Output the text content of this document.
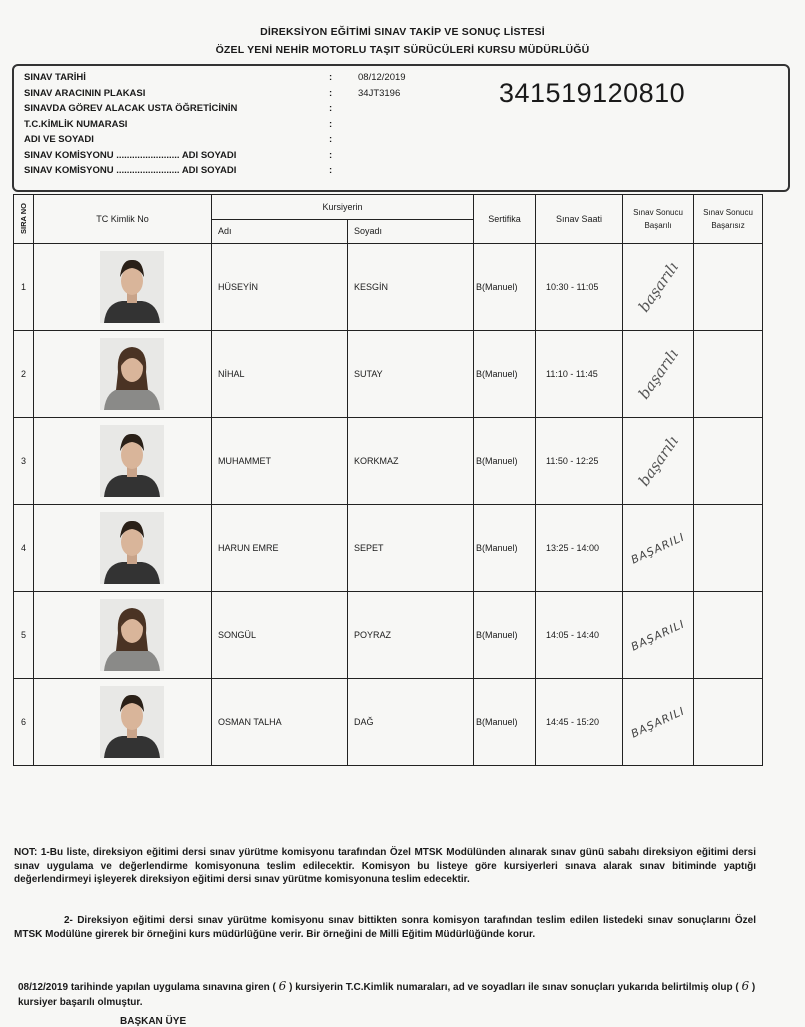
DİREKSİYON EĞİTİMİ SINAV TAKİP VE SONUÇ LİSTESİ
ÖZEL YENİ NEHİR MOTORLU TAŞIT SÜRÜCÜLERİ KURSU MÜDÜRLÜĞÜ
SINAV TARİHİ	:	08/12/2019
SINAV ARACININ PLAKASI	:	34JT3196
SINAVDA GÖREV ALACAK USTA ÖĞRETİCİNİN	:
T.C.KİMLİK NUMARASI	:
ADI VE SOYADI	:
SINAV KOMİSYONU ........................ ADI SOYADI	:
SINAV KOMİSYONU ........................ ADI SOYADI	:
341519120810
SIRA NO	TC Kimlik No	Kursiyerin		Sertifika	Sınav Saati	Sınav Sonucu Başarılı	Sınav Sonucu Başarısız
		Adı	Soyadı				
1		HÜSEYİN	KESGİN	B(Manuel)	10:30 - 11:05	başarılı	
2		NİHAL	SUTAY	B(Manuel)	11:10 - 11:45	başarılı	
3		MUHAMMET	KORKMAZ	B(Manuel)	11:50 - 12:25	başarılı	
4		HARUN EMRE	SEPET	B(Manuel)	13:25 - 14:00	BAŞARILI	
5		SONGÜL	POYRAZ	B(Manuel)	14:05 - 14:40	BAŞARILI	
6		OSMAN TALHA	DAĞ	B(Manuel)	14:45 - 15:20	BAŞARILI	
NOT: 1-Bu liste, direksiyon eğitimi dersi sınav yürütme komisyonu tarafından Özel MTSK Modülünden alınarak sınav günü sabahı direksiyon eğitimi dersi sınav uygulama ve değerlendirme komisyonuna teslim edilecektir. Komisyon bu listeye göre kursiyerleri sınava alarak sınav bitiminde yaptığı değerlendirmeyi işleyerek direksiyon eğitimi dersi sınav yürütme komisyonuna teslim edecektir.
2- Direksiyon eğitimi dersi sınav yürütme komisyonu sınav bittikten sonra komisyon tarafından teslim edilen listedeki sınav sonuçlarını Özel MTSK Modülüne girerek bir örneğini kurs müdürlüğüne verir. Bir örneğini de Milli Eğitim Müdürlüğünde korur.
08/12/2019 tarihinde yapılan uygulama sınavına giren ( 6 ) kursiyerin T.C.Kimlik numaraları, ad ve soyadları ile sınav sonuçları yukarıda belirtilmiş olup ( 6 ) kursiyer başarılı olmuştur.
BAŞKAN ÜYE
